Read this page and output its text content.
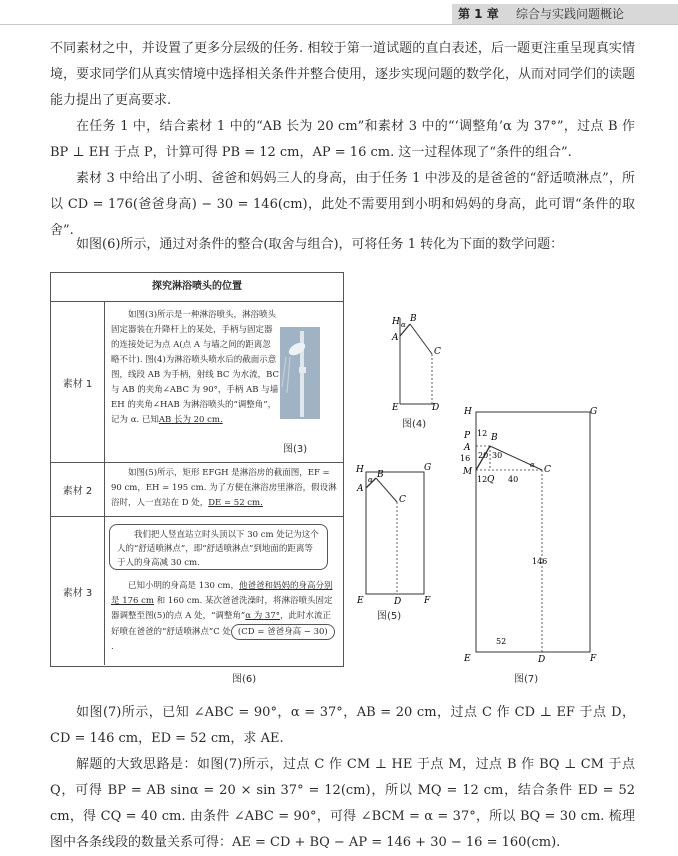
第 1 章 综合与实践问题概论

不同素材之中，并设置了更多分层级的任务. 相较于第一道试题的直白表述，后一题更注重呈现真实情境，要求同学们从真实情境中选择相关条件并整合使用，逐步实现问题的数学化，从而对同学们的读题能力提出了更高要求.

在任务 1 中，结合素材 1 中的“AB 长为 20 cm”和素材 3 中的“‘调整角’α 为 37°”，过点 B 作 BP ⊥ EH 于点 P，计算可得 PB = 12 cm，AP = 16 cm. 这一过程体现了“条件的组合”.

素材 3 中给出了小明、爸爸和妈妈三人的身高，由于任务 1 中涉及的是爸爸的“舒适喷淋点”，所以 CD = 176(爸爸身高) − 30 = 146(cm)，此处不需要用到小明和妈妈的身高，此可谓“条件的取舍”.

如图(6)所示，通过对条件的整合(取舍与组合)，可将任务 1 转化为下面的数学问题：

探究淋浴喷头的位置
素材 1

如图(3)所示是一种淋浴喷头，淋浴喷头固定器装在升降杆上的某处，手柄与固定器的连接处记为点 A(点 A 与墙之间的距离忽略不计). 图(4)为淋浴喷头喷水后的截面示意图，线段 AB 为手柄，射线 BC 为水流，BC 与 AB 的夹角∠ABC 为 90°，手柄 AB 与墙 EH 的夹角∠HAB 为淋浴喷头的“调整角”，记为 α. 已知AB 长为 20 cm.

图(3)
素材 2

如图(5)所示，矩形 EFGH 是淋浴房的截面图，EF = 90 cm，EH = 195 cm. 为了方便在淋浴房里淋浴，假设淋浴时，人一直站在 D 处，DE = 52 cm.

素材 3
我们把人竖直站立时头顶以下 30 cm 处记为这个人的“舒适喷淋点”，即“舒适喷淋点”到地面的距离等于人的身高减 30 cm.

已知小明的身高是 130 cm，他爸爸和妈妈的身高分别是 176 cm 和 160 cm. 某次爸爸洗澡时，将淋浴喷头固定器调整至图(5)的点 A 处，“调整角”α 为 37°，此时水流正好喷在爸爸的“舒适喷淋点”C 处 (CD = 爸爸身高 − 30).

H α
B
A
C
E	D
图(4)
H	G
α B
A
C
E	D	F
图(5)
图(6)
H	G
P 12 B
A
16 20 30
M
α C
12 Q 40
146
52
E	D	F
图(7)

如图(7)所示，已知 ∠ABC = 90°，α = 37°，AB = 20 cm，过点 C 作 CD ⊥ EF 于点 D，CD = 146 cm，ED = 52 cm，求 AE.

解题的大致思路是：如图(7)所示，过点 C 作 CM ⊥ HE 于点 M，过点 B 作 BQ ⊥ CM 于点 Q，可得 BP = AB sinα = 20 × sin 37° = 12(cm)，所以 MQ = 12 cm，结合条件 ED = 52 cm，得 CQ = 40 cm. 由条件 ∠ABC = 90°，可得 ∠BCM = α = 37°，所以 BQ = 30 cm. 梳理图中各条线段的数量关系可得：AE = CD + BQ − AP = 146 + 30 − 16 = 160(cm).
